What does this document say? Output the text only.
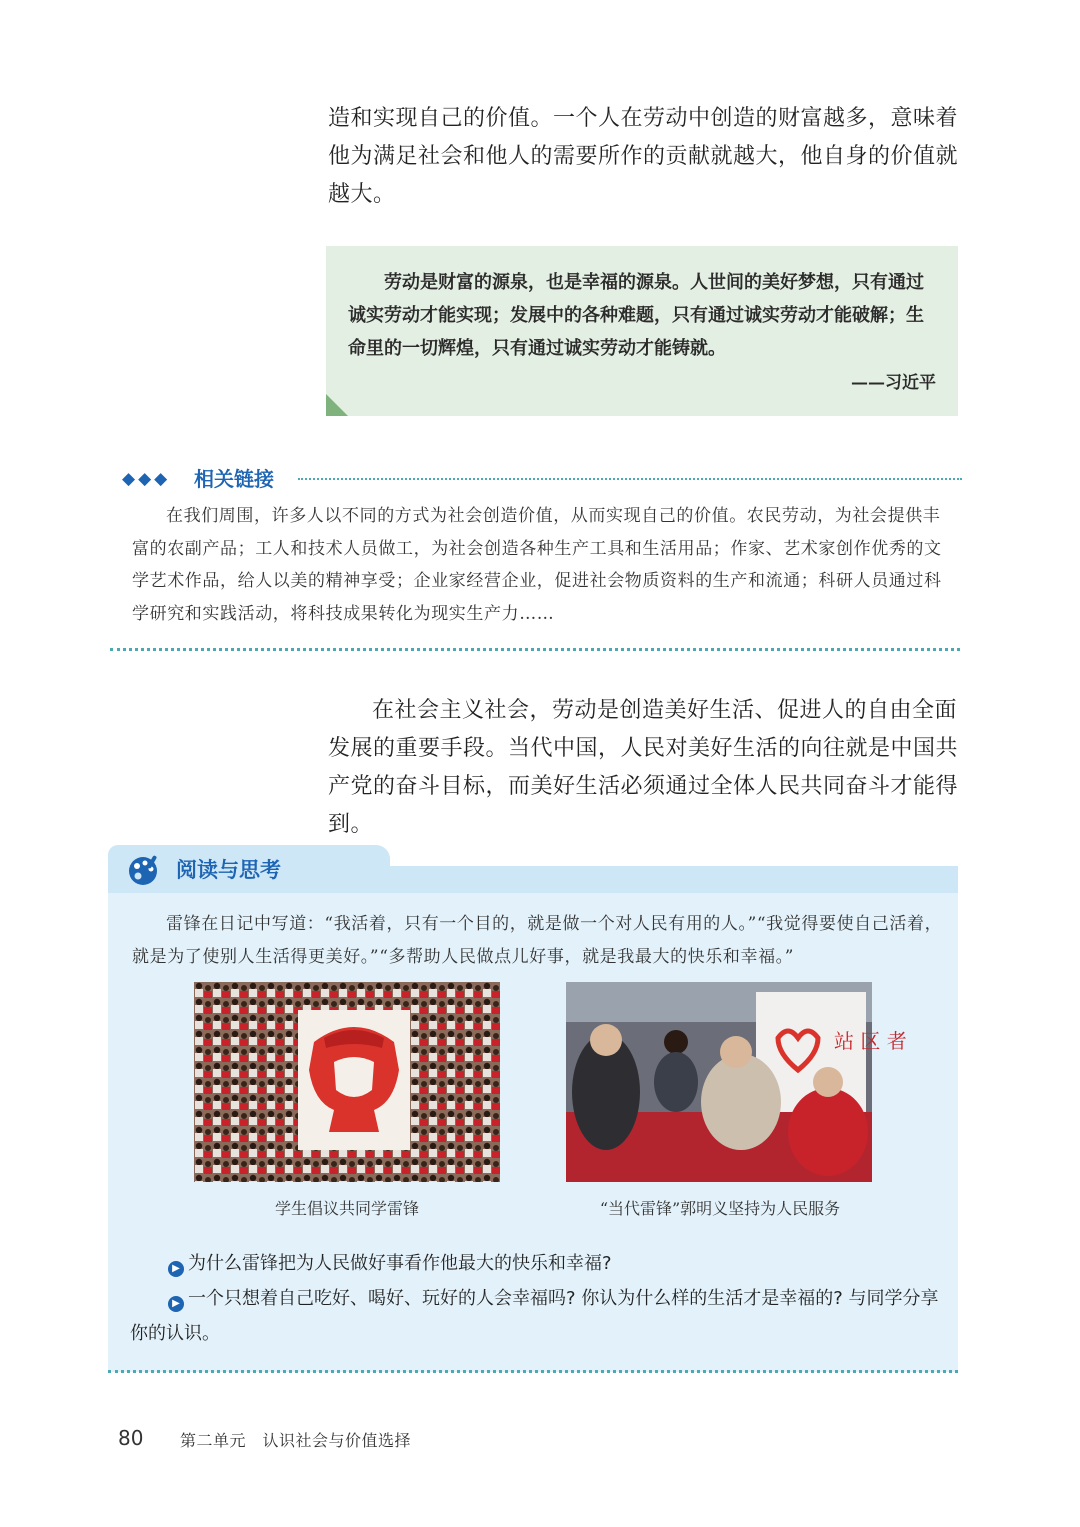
造和实现自己的价值。一个人在劳动中创造的财富越多，意味着他为满足社会和他人的需要所作的贡献就越大，他自身的价值就越大。

劳动是财富的源泉，也是幸福的源泉。人世间的美好梦想，只有通过诚实劳动才能实现；发展中的各种难题，只有通过诚实劳动才能破解；生命里的一切辉煌，只有通过诚实劳动才能铸就。
——习近平
◆◆◆ 相关链接

在我们周围，许多人以不同的方式为社会创造价值，从而实现自己的价值。农民劳动，为社会提供丰富的农副产品；工人和技术人员做工，为社会创造各种生产工具和生活用品；作家、艺术家创作优秀的文学艺术作品，给人以美的精神享受；企业家经营企业，促进社会物质资料的生产和流通；科研人员通过科学研究和实践活动，将科技成果转化为现实生产力……

在社会主义社会，劳动是创造美好生活、促进人的自由全面发展的重要手段。当代中国，人民对美好生活的向往就是中国共产党的奋斗目标，而美好生活必须通过全体人民共同奋斗才能得到。

阅读与思考

雷锋在日记中写道：“我活着，只有一个目的，就是做一个对人民有用的人。”“我觉得要使自己活着，就是为了使别人生活得更美好。”“多帮助人民做点儿好事，就是我最大的快乐和幸福。”

学生倡议共同学雷锋
站 区 者
“当代雷锋”郭明义坚持为人民服务

▶ 为什么雷锋把为人民做好事看作他最大的快乐和幸福?

▶ 一个只想着自己吃好、喝好、玩好的人会幸福吗? 你认为什么样的生活才是幸福的? 与同学分享你的认识。

80 第二单元　认识社会与价值选择
